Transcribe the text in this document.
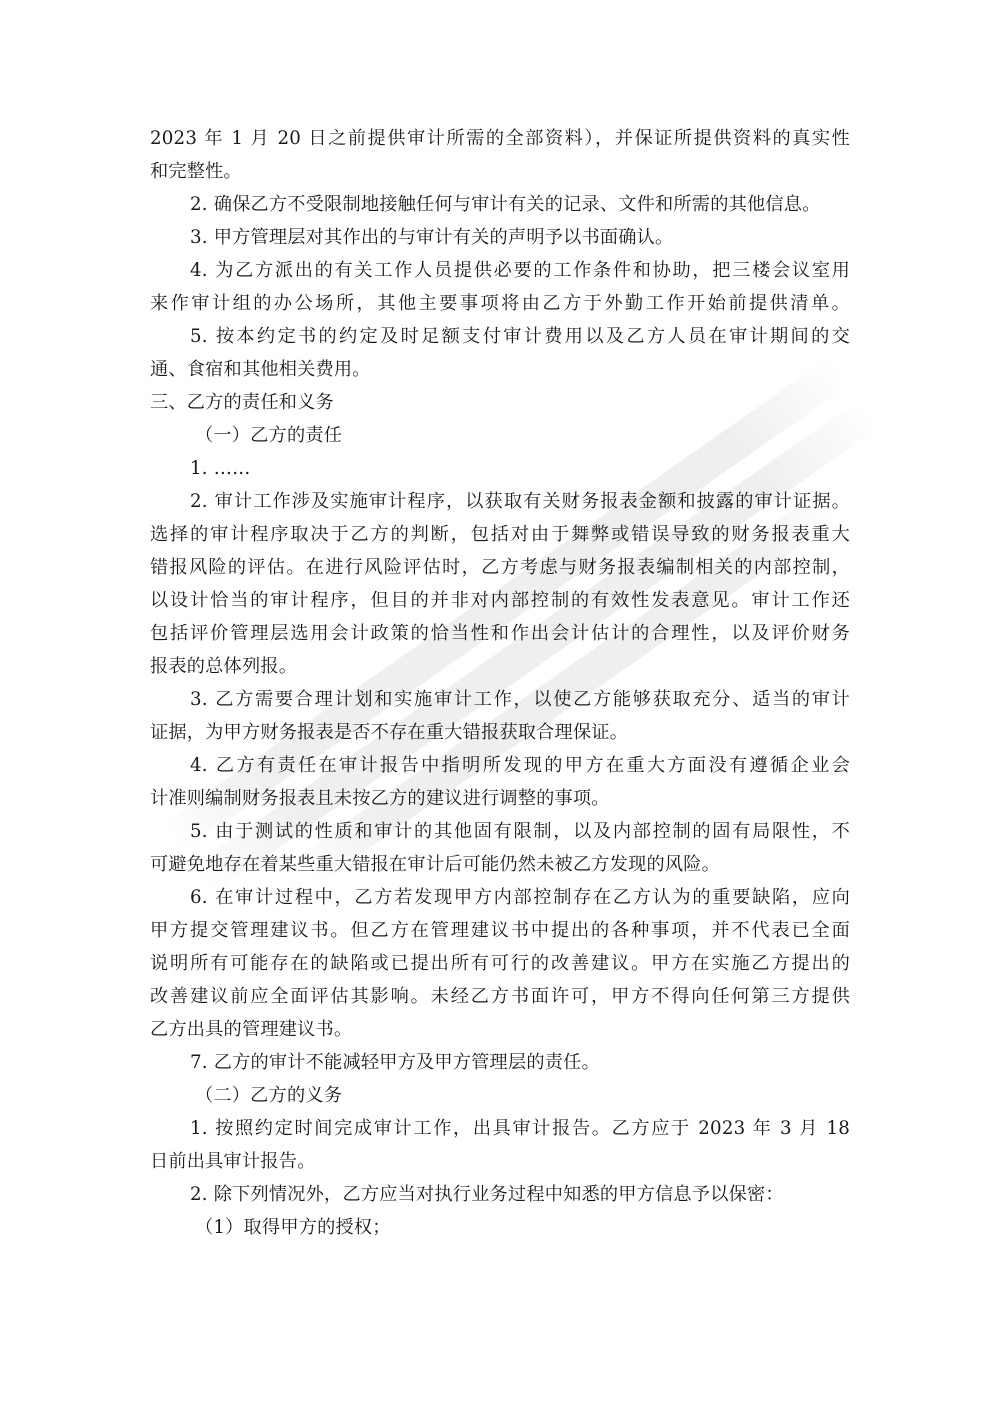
2023 年 1 月 20 日之前提供审计所需的全部资料），并保证所提供资料的真实性
和完整性。
2. 确保乙方不受限制地接触任何与审计有关的记录、文件和所需的其他信息。
3. 甲方管理层对其作出的与审计有关的声明予以书面确认。
4. 为乙方派出的有关工作人员提供必要的工作条件和协助，把三楼会议室用
来作审计组的办公场所，其他主要事项将由乙方于外勤工作开始前提供清单。
5. 按本约定书的约定及时足额支付审计费用以及乙方人员在审计期间的交
通、食宿和其他相关费用。
三、乙方的责任和义务
（一）乙方的责任
1. ……
2. 审计工作涉及实施审计程序，以获取有关财务报表金额和披露的审计证据。
选择的审计程序取决于乙方的判断，包括对由于舞弊或错误导致的财务报表重大
错报风险的评估。在进行风险评估时，乙方考虑与财务报表编制相关的内部控制，
以设计恰当的审计程序，但目的并非对内部控制的有效性发表意见。审计工作还
包括评价管理层选用会计政策的恰当性和作出会计估计的合理性，以及评价财务
报表的总体列报。
3. 乙方需要合理计划和实施审计工作，以使乙方能够获取充分、适当的审计
证据，为甲方财务报表是否不存在重大错报获取合理保证。
4. 乙方有责任在审计报告中指明所发现的甲方在重大方面没有遵循企业会
计准则编制财务报表且未按乙方的建议进行调整的事项。
5. 由于测试的性质和审计的其他固有限制，以及内部控制的固有局限性，不
可避免地存在着某些重大错报在审计后可能仍然未被乙方发现的风险。
6. 在审计过程中，乙方若发现甲方内部控制存在乙方认为的重要缺陷，应向
甲方提交管理建议书。但乙方在管理建议书中提出的各种事项，并不代表已全面
说明所有可能存在的缺陷或已提出所有可行的改善建议。甲方在实施乙方提出的
改善建议前应全面评估其影响。未经乙方书面许可，甲方不得向任何第三方提供
乙方出具的管理建议书。
7. 乙方的审计不能减轻甲方及甲方管理层的责任。
（二）乙方的义务
1. 按照约定时间完成审计工作，出具审计报告。乙方应于 2023 年 3 月 18
日前出具审计报告。
2. 除下列情况外，乙方应当对执行业务过程中知悉的甲方信息予以保密：
（1）取得甲方的授权；
